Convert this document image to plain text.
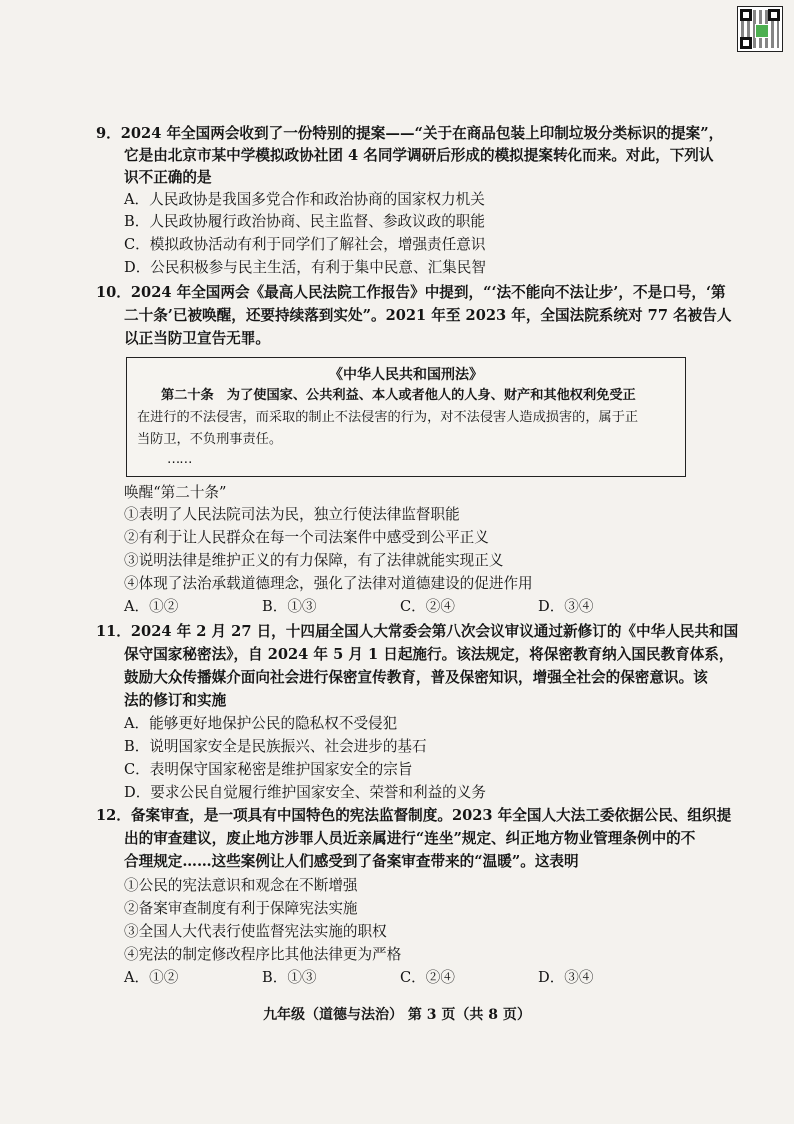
9．2024 年全国两会收到了一份特别的提案——“关于在商品包装上印制垃圾分类标识的提案”，
它是由北京市某中学模拟政协社团 4 名同学调研后形成的模拟提案转化而来。对此，下列认
识不正确的是
A．人民政协是我国多党合作和政治协商的国家权力机关
B．人民政协履行政治协商、民主监督、参政议政的职能
C．模拟政协活动有利于同学们了解社会，增强责任意识
D．公民积极参与民主生活，有利于集中民意、汇集民智
10．2024 年全国两会《最高人民法院工作报告》中提到，“‘法不能向不法让步’，不是口号，‘第
二十条’已被唤醒，还要持续落到实处”。2021 年至 2023 年，全国法院系统对 77 名被告人
以正当防卫宣告无罪。
《中华人民共和国刑法》
第二十条　为了使国家、公共利益、本人或者他人的人身、财产和其他权利免受正
在进行的不法侵害，而采取的制止不法侵害的行为，对不法侵害人造成损害的，属于正
当防卫，不负刑事责任。
……
唤醒“第二十条”
①表明了人民法院司法为民，独立行使法律监督职能
②有利于让人民群众在每一个司法案件中感受到公平正义
③说明法律是维护正义的有力保障，有了法律就能实现正义
④体现了法治承载道德理念，强化了法律对道德建设的促进作用
A．①②	B．①③	C．②④	D．③④
11．2024 年 2 月 27 日，十四届全国人大常委会第八次会议审议通过新修订的《中华人民共和国
保守国家秘密法》，自 2024 年 5 月 1 日起施行。该法规定，将保密教育纳入国民教育体系，
鼓励大众传播媒介面向社会进行保密宣传教育，普及保密知识，增强全社会的保密意识。该
法的修订和实施
A．能够更好地保护公民的隐私权不受侵犯
B．说明国家安全是民族振兴、社会进步的基石
C．表明保守国家秘密是维护国家安全的宗旨
D．要求公民自觉履行维护国家安全、荣誉和利益的义务
12．备案审查，是一项具有中国特色的宪法监督制度。2023 年全国人大法工委依据公民、组织提
出的审查建议，废止地方涉罪人员近亲属进行“连坐”规定、纠正地方物业管理条例中的不
合理规定……这些案例让人们感受到了备案审查带来的“温暖”。这表明
①公民的宪法意识和观念在不断增强
②备案审查制度有利于保障宪法实施
③全国人大代表行使监督宪法实施的职权
④宪法的制定修改程序比其他法律更为严格
A．①②	B．①③	C．②④	D．③④
九年级（道德与法治） 第 3 页（共 8 页）
